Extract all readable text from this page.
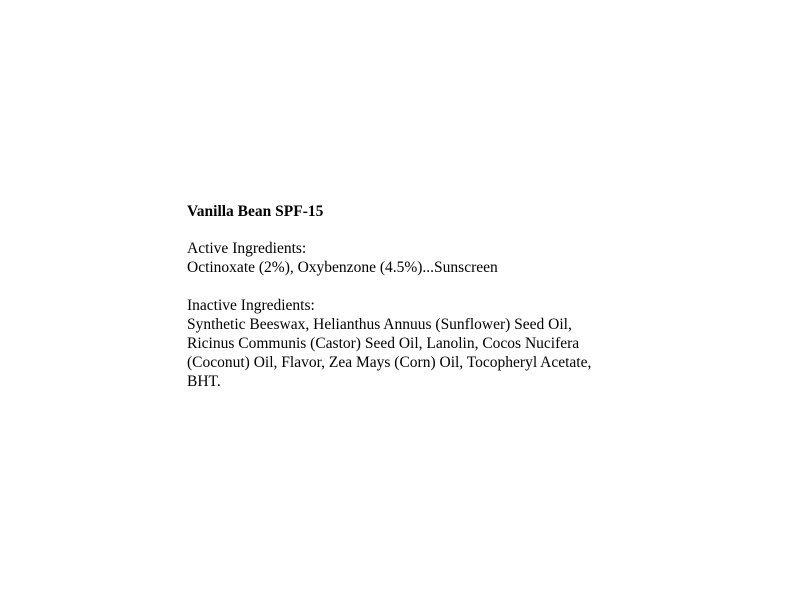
Vanilla Bean SPF-15
Active Ingredients:
Octinoxate (2%), Oxybenzone (4.5%)...Sunscreen
Inactive Ingredients:
Synthetic Beeswax, Helianthus Annuus (Sunflower) Seed Oil,
Ricinus Communis (Castor) Seed Oil, Lanolin, Cocos Nucifera
(Coconut) Oil, Flavor, Zea Mays (Corn) Oil, Tocopheryl Acetate,
BHT.
